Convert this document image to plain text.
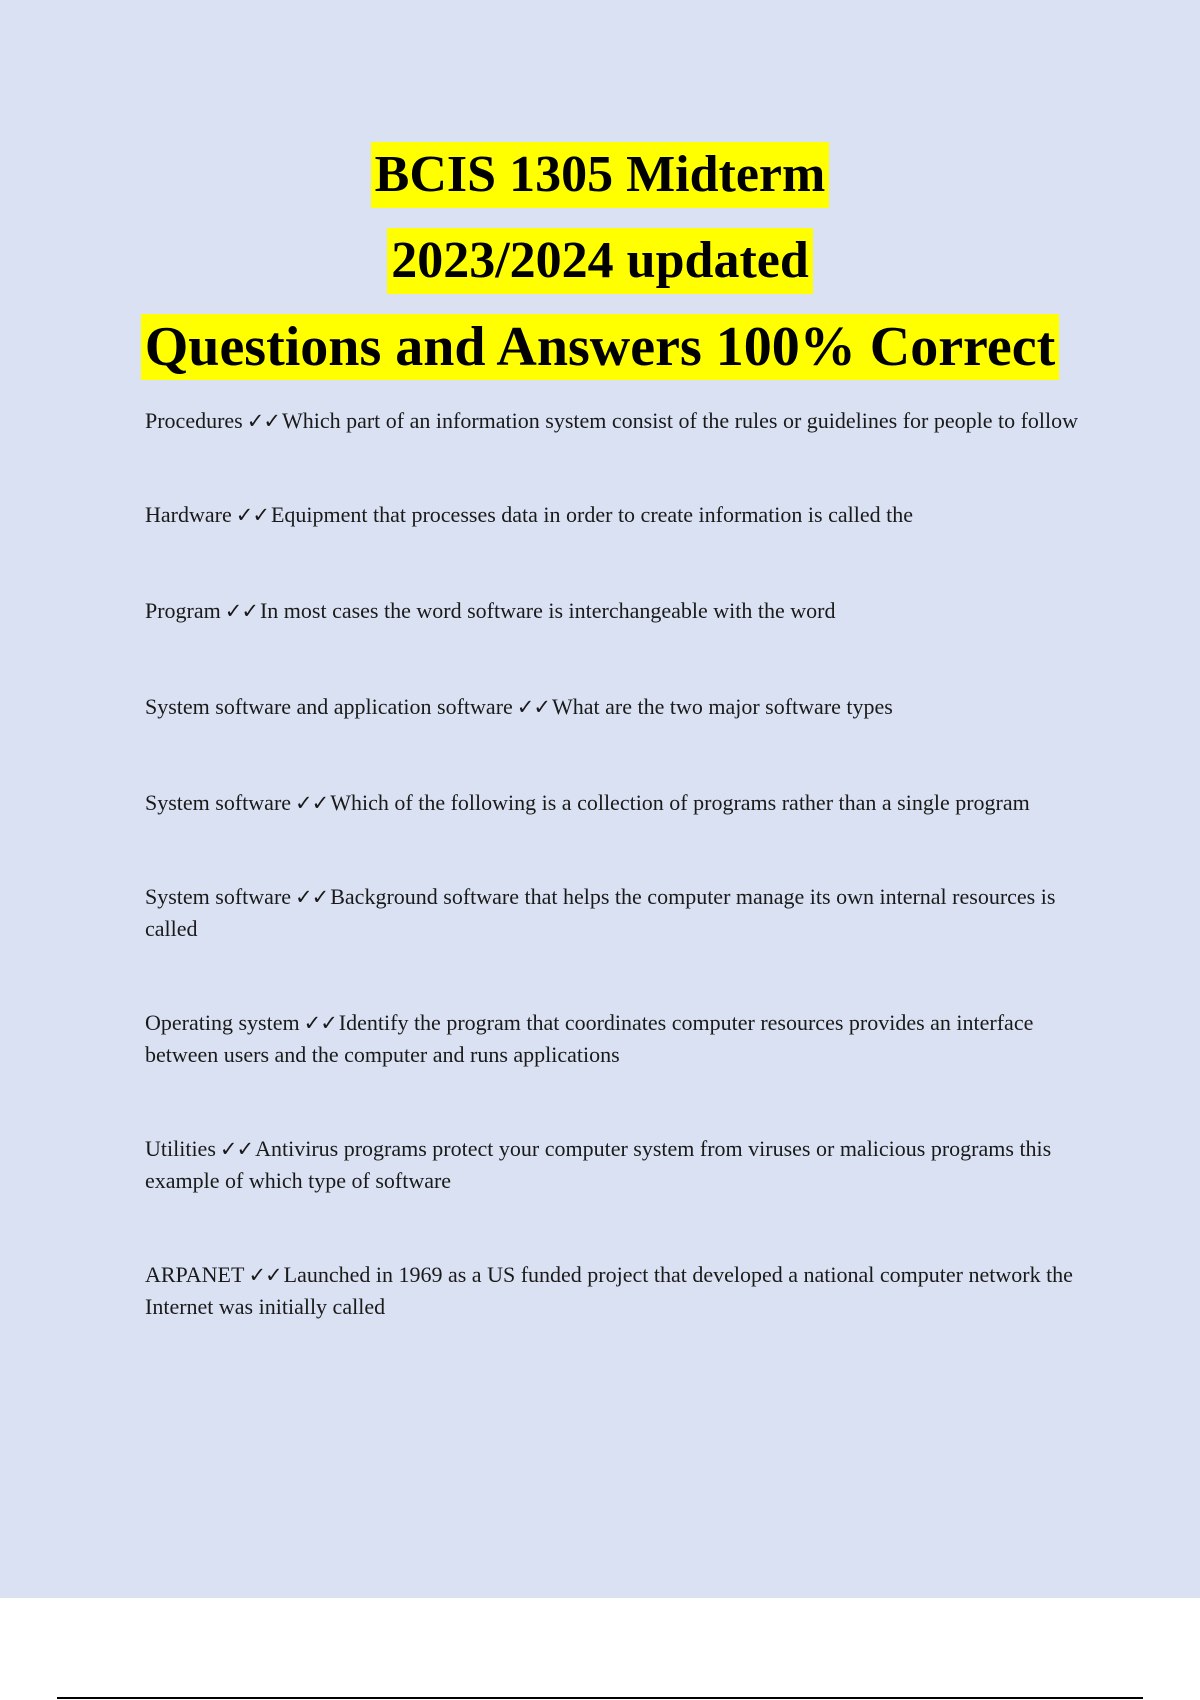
BCIS 1305 Midterm
2023/2024 updated
Questions and Answers 100% Correct
Procedures ✓✓Which part of an information system consist of the rules or guidelines for people to follow
Hardware ✓✓Equipment that processes data in order to create information is called the
Program ✓✓In most cases the word software is interchangeable with the word
System software and application software ✓✓What are the two major software types
System software ✓✓Which of the following is a collection of programs rather than a single program
System software ✓✓Background software that helps the computer manage its own internal resources is called
Operating system ✓✓Identify the program that coordinates computer resources provides an interface between users and the computer and runs applications
Utilities ✓✓Antivirus programs protect your computer system from viruses or malicious programs this example of which type of software
ARPANET ✓✓Launched in 1969 as a US funded project that developed a national computer network the Internet was initially called
